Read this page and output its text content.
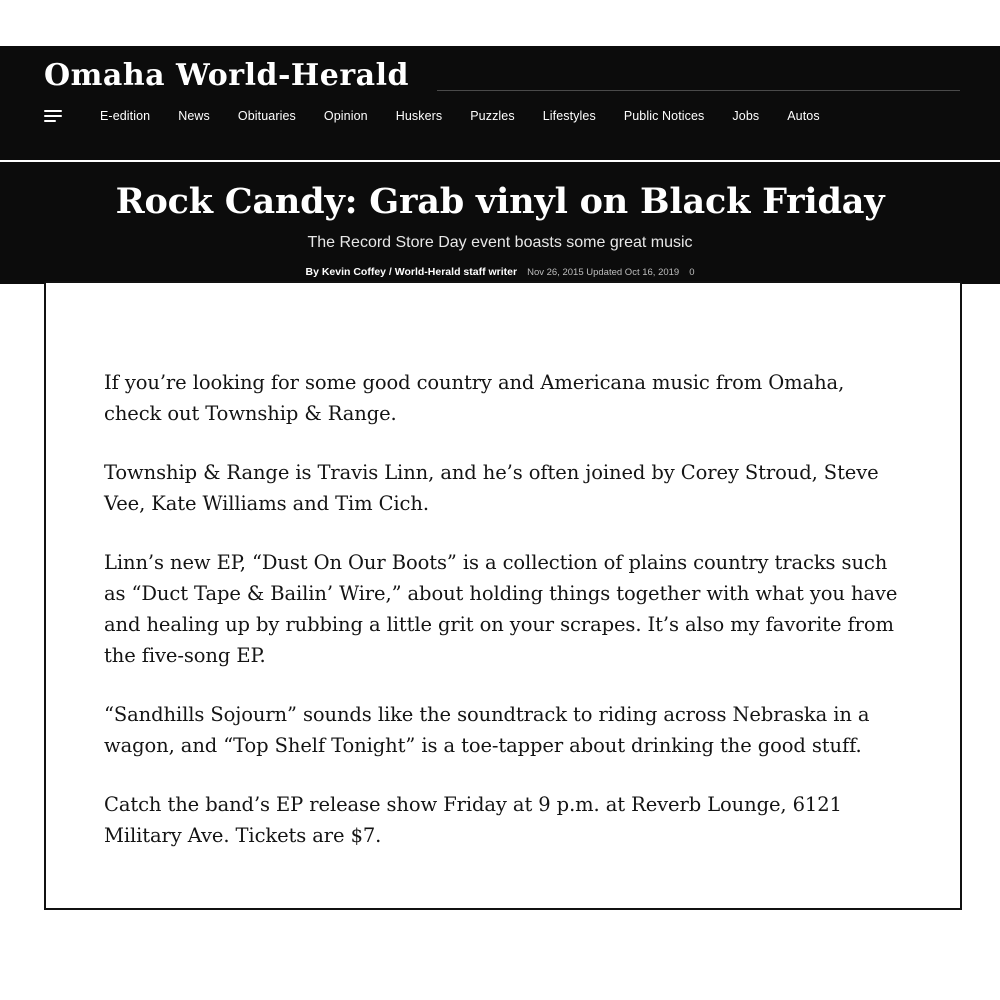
Omaha World-Herald
E-edition News Obituaries Opinion Huskers Puzzles Lifestyles Public Notices Jobs Autos
Rock Candy: Grab vinyl on Black Friday

The Record Store Day event boasts some great music

By Kevin Coffey / World-Herald staff writer Nov 26, 2015 Updated Oct 16, 2019 0

If you’re looking for some good country and Americana music from Omaha, check out Township & Range.

Township & Range is Travis Linn, and he’s often joined by Corey Stroud, Steve Vee, Kate Williams and Tim Cich.

Linn’s new EP, “Dust On Our Boots” is a collection of plains country tracks such as “Duct Tape & Bailin’ Wire,” about holding things together with what you have and healing up by rubbing a little grit on your scrapes. It’s also my favorite from the five-song EP.

“Sandhills Sojourn” sounds like the soundtrack to riding across Nebraska in a wagon, and “Top Shelf Tonight” is a toe-tapper about drinking the good stuff.

Catch the band’s EP release show Friday at 9 p.m. at Reverb Lounge, 6121 Military Ave. Tickets are $7.
